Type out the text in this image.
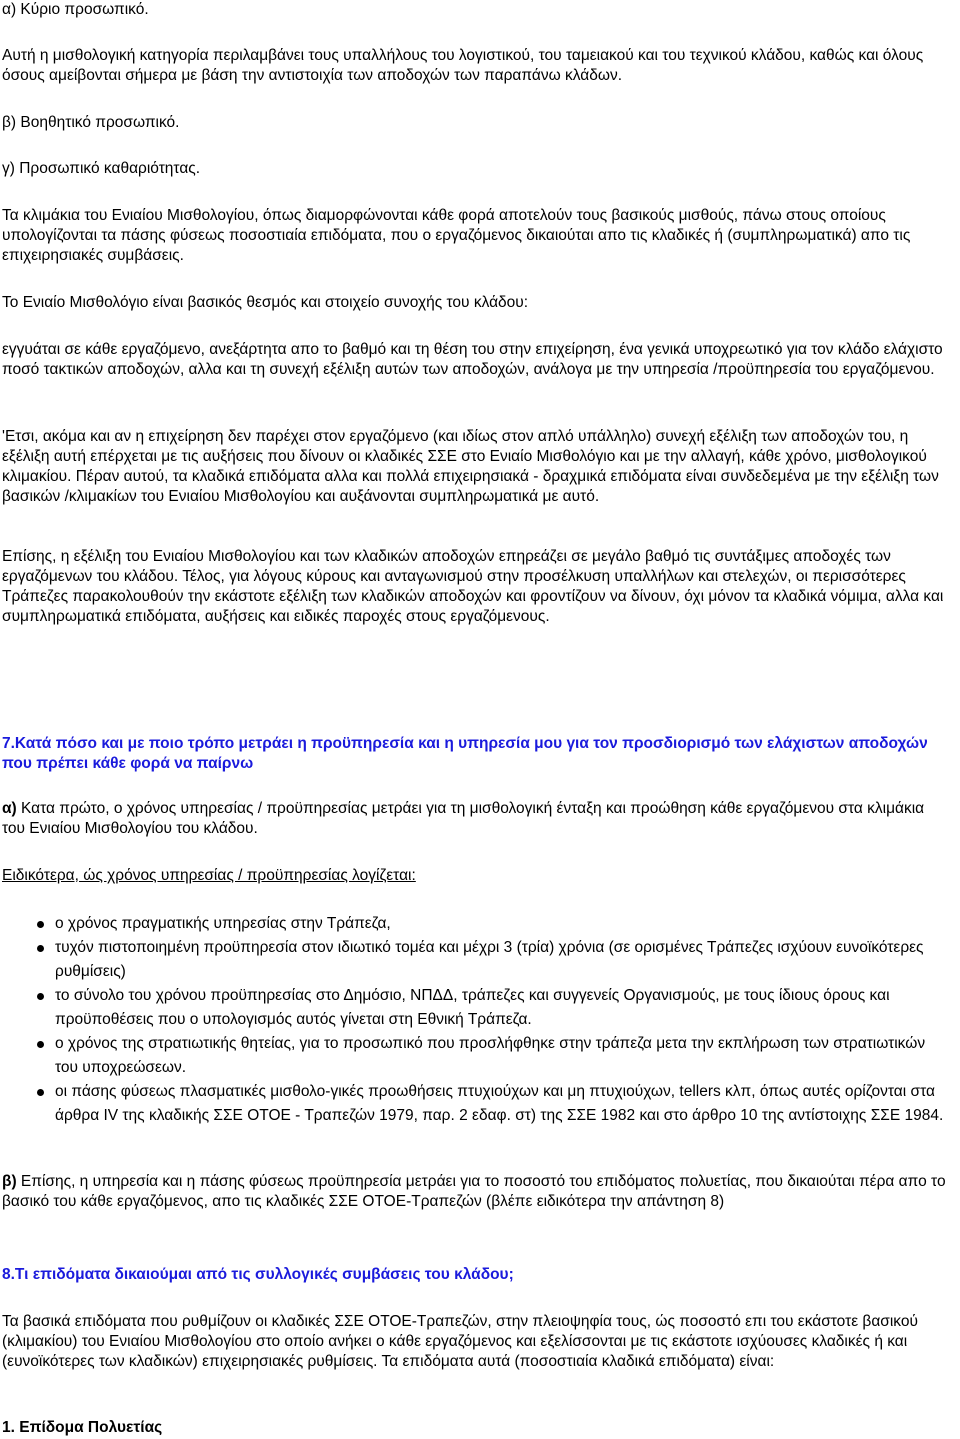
α) Κύριο προσωπικό.

Αυτή η μισθολογική κατηγορία περιλαμβάνει τους υπαλλήλους του λογιστικού, του ταμειακού και του τεχνικού κλάδου, καθώς και όλους όσους αμείβονται σήμερα με βάση την αντιστοιχία των αποδοχών των παραπάνω κλάδων.

β) Βοηθητικό προσωπικό.

γ) Προσωπικό καθαριότητας.

Τα κλιμάκια του Ενιαίου Μισθολογίου, όπως διαμορφώνονται κάθε φορά αποτελούν τους βασικούς μισθούς, πάνω στους οποίους υπολογίζονται τα πάσης φύσεως ποσοστιαία επιδόματα, που ο εργαζόμενος δικαιούται απο τις κλαδικές ή (συμπληρωματικά) απο τις επιχειρησιακές συμβάσεις.

Το Ενιαίο Μισθολόγιο είναι βασικός θεσμός και στοιχείο συνοχής του κλάδου:

εγγυάται σε κάθε εργαζόμενο, ανεξάρτητα απο το βαθμό και τη θέση του στην επιχείρηση, ένα γενικά υποχρεωτικό για τον κλάδο ελάχιστο ποσό τακτικών αποδοχών, αλλα και τη συνεχή εξέλιξη αυτών των αποδοχών, ανάλογα με την υπηρεσία /προϋπηρεσία του εργαζόμενου.

'Ετσι, ακόμα και αν η επιχείρηση δεν παρέχει στον εργαζόμενο (και ιδίως στον απλό υπάλληλο) συνεχή εξέλιξη των αποδοχών του, η εξέλιξη αυτή επέρχεται με τις αυξήσεις που δίνουν οι κλαδικές ΣΣΕ στο Ενιαίο Μισθολόγιο και με την αλλαγή, κάθε χρόνο, μισθολογικού κλιμακίου. Πέραν αυτού, τα κλαδικά επιδόματα αλλα και πολλά επιχειρησιακά - δραχμικά επιδόματα είναι συνδεδεμένα με την εξέλιξη των βασικών /κλιμακίων του Ενιαίου Μισθολογίου και αυξάνονται συμπληρωματικά με αυτό.

Επίσης, η εξέλιξη του Ενιαίου Μισθολογίου και των κλαδικών αποδοχών επηρεάζει σε μεγάλο βαθμό τις συντάξιμες αποδοχές των εργαζόμενων του κλάδου. Τέλος, για λόγους κύρους και ανταγωνισμού στην προσέλκυση υπαλλήλων και στελεχών, οι περισσότερες Τράπεζες παρακολουθούν την εκάστοτε εξέλιξη των κλαδικών αποδοχών και φροντίζουν να δίνουν, όχι μόνον τα κλαδικά νόμιμα, αλλα και συμπληρωματικά επιδόματα, αυξήσεις και ειδικές παροχές στους εργαζόμενους.

7.Κατά πόσο και με ποιο τρόπο μετράει η προϋπηρεσία και η υπηρεσία μου για τον προσδιορισμό των ελάχιστων αποδοχών που πρέπει κάθε φορά να παίρνω

α) Κατα πρώτο, ο χρόνος υπηρεσίας / προϋπηρεσίας μετράει για τη μισθολογική ένταξη και προώθηση κάθε εργαζόμενου στα κλιμάκια του Ενιαίου Μισθολογίου του κλάδου.

Ειδικότερα, ώς χρόνος υπηρεσίας / προϋπηρεσίας λογίζεται:

ο χρόνος πραγματικής υπηρεσίας στην Τράπεζα,
τυχόν πιστοποιημένη προϋπηρεσία στον ιδιωτικό τομέα και μέχρι 3 (τρία) χρόνια (σε ορισμένες Τράπεζες ισχύουν ευνοϊκότερες ρυθμίσεις)
το σύνολο του χρόνου προϋπηρεσίας στο Δημόσιο, ΝΠΔΔ, τράπεζες και συγγενείς Οργανισμούς, με τους ίδιους όρους και προϋποθέσεις που ο υπολογισμός αυτός γίνεται στη Εθνική Τράπεζα.
ο χρόνος της στρατιωτικής θητείας, για το προσωπικό που προσλήφθηκε στην τράπεζα μετα την εκπλήρωση των στρατιωτικών του υποχρεώσεων.
οι πάσης φύσεως πλασματικές μισθολο-γικές προωθήσεις πτυχιούχων και μη πτυχιούχων, tellers κλπ, όπως αυτές ορίζονται στα άρθρα IV της κλαδικής ΣΣΕ ΟΤΟΕ - Τραπεζών 1979, παρ. 2 εδαφ. στ) της ΣΣΕ 1982 και στο άρθρο 10 της αντίστοιχης ΣΣΕ 1984.

β) Επίσης, η υπηρεσία και η πάσης φύσεως προϋπηρεσία μετράει για το ποσοστό του επιδόματος πολυετίας, που δικαιούται πέρα απο το βασικό του κάθε εργαζόμενος, απο τις κλαδικές ΣΣΕ ΟΤΟΕ-Τραπεζών (βλέπε ειδικότερα την απάντηση 8)

8.Τι επιδόματα δικαιούμαι από τις συλλογικές συμβάσεις του κλάδου;

Τα βασικά επιδόματα που ρυθμίζουν οι κλαδικές ΣΣΕ ΟΤΟΕ-Τραπεζών, στην πλειοψηφία τους, ώς ποσοστό επι του εκάστοτε βασικού (κλιμακίου) του Ενιαίου Μισθολογίου στο οποίο ανήκει ο κάθε εργαζόμενος και εξελίσσονται με τις εκάστοτε ισχύουσες κλαδικές ή και (ευνοϊκότερες των κλαδικών) επιχειρησιακές ρυθμίσεις. Τα επιδόματα αυτά (ποσοστιαία κλαδικά επιδόματα) είναι:

1. Επίδομα Πολυετίας
